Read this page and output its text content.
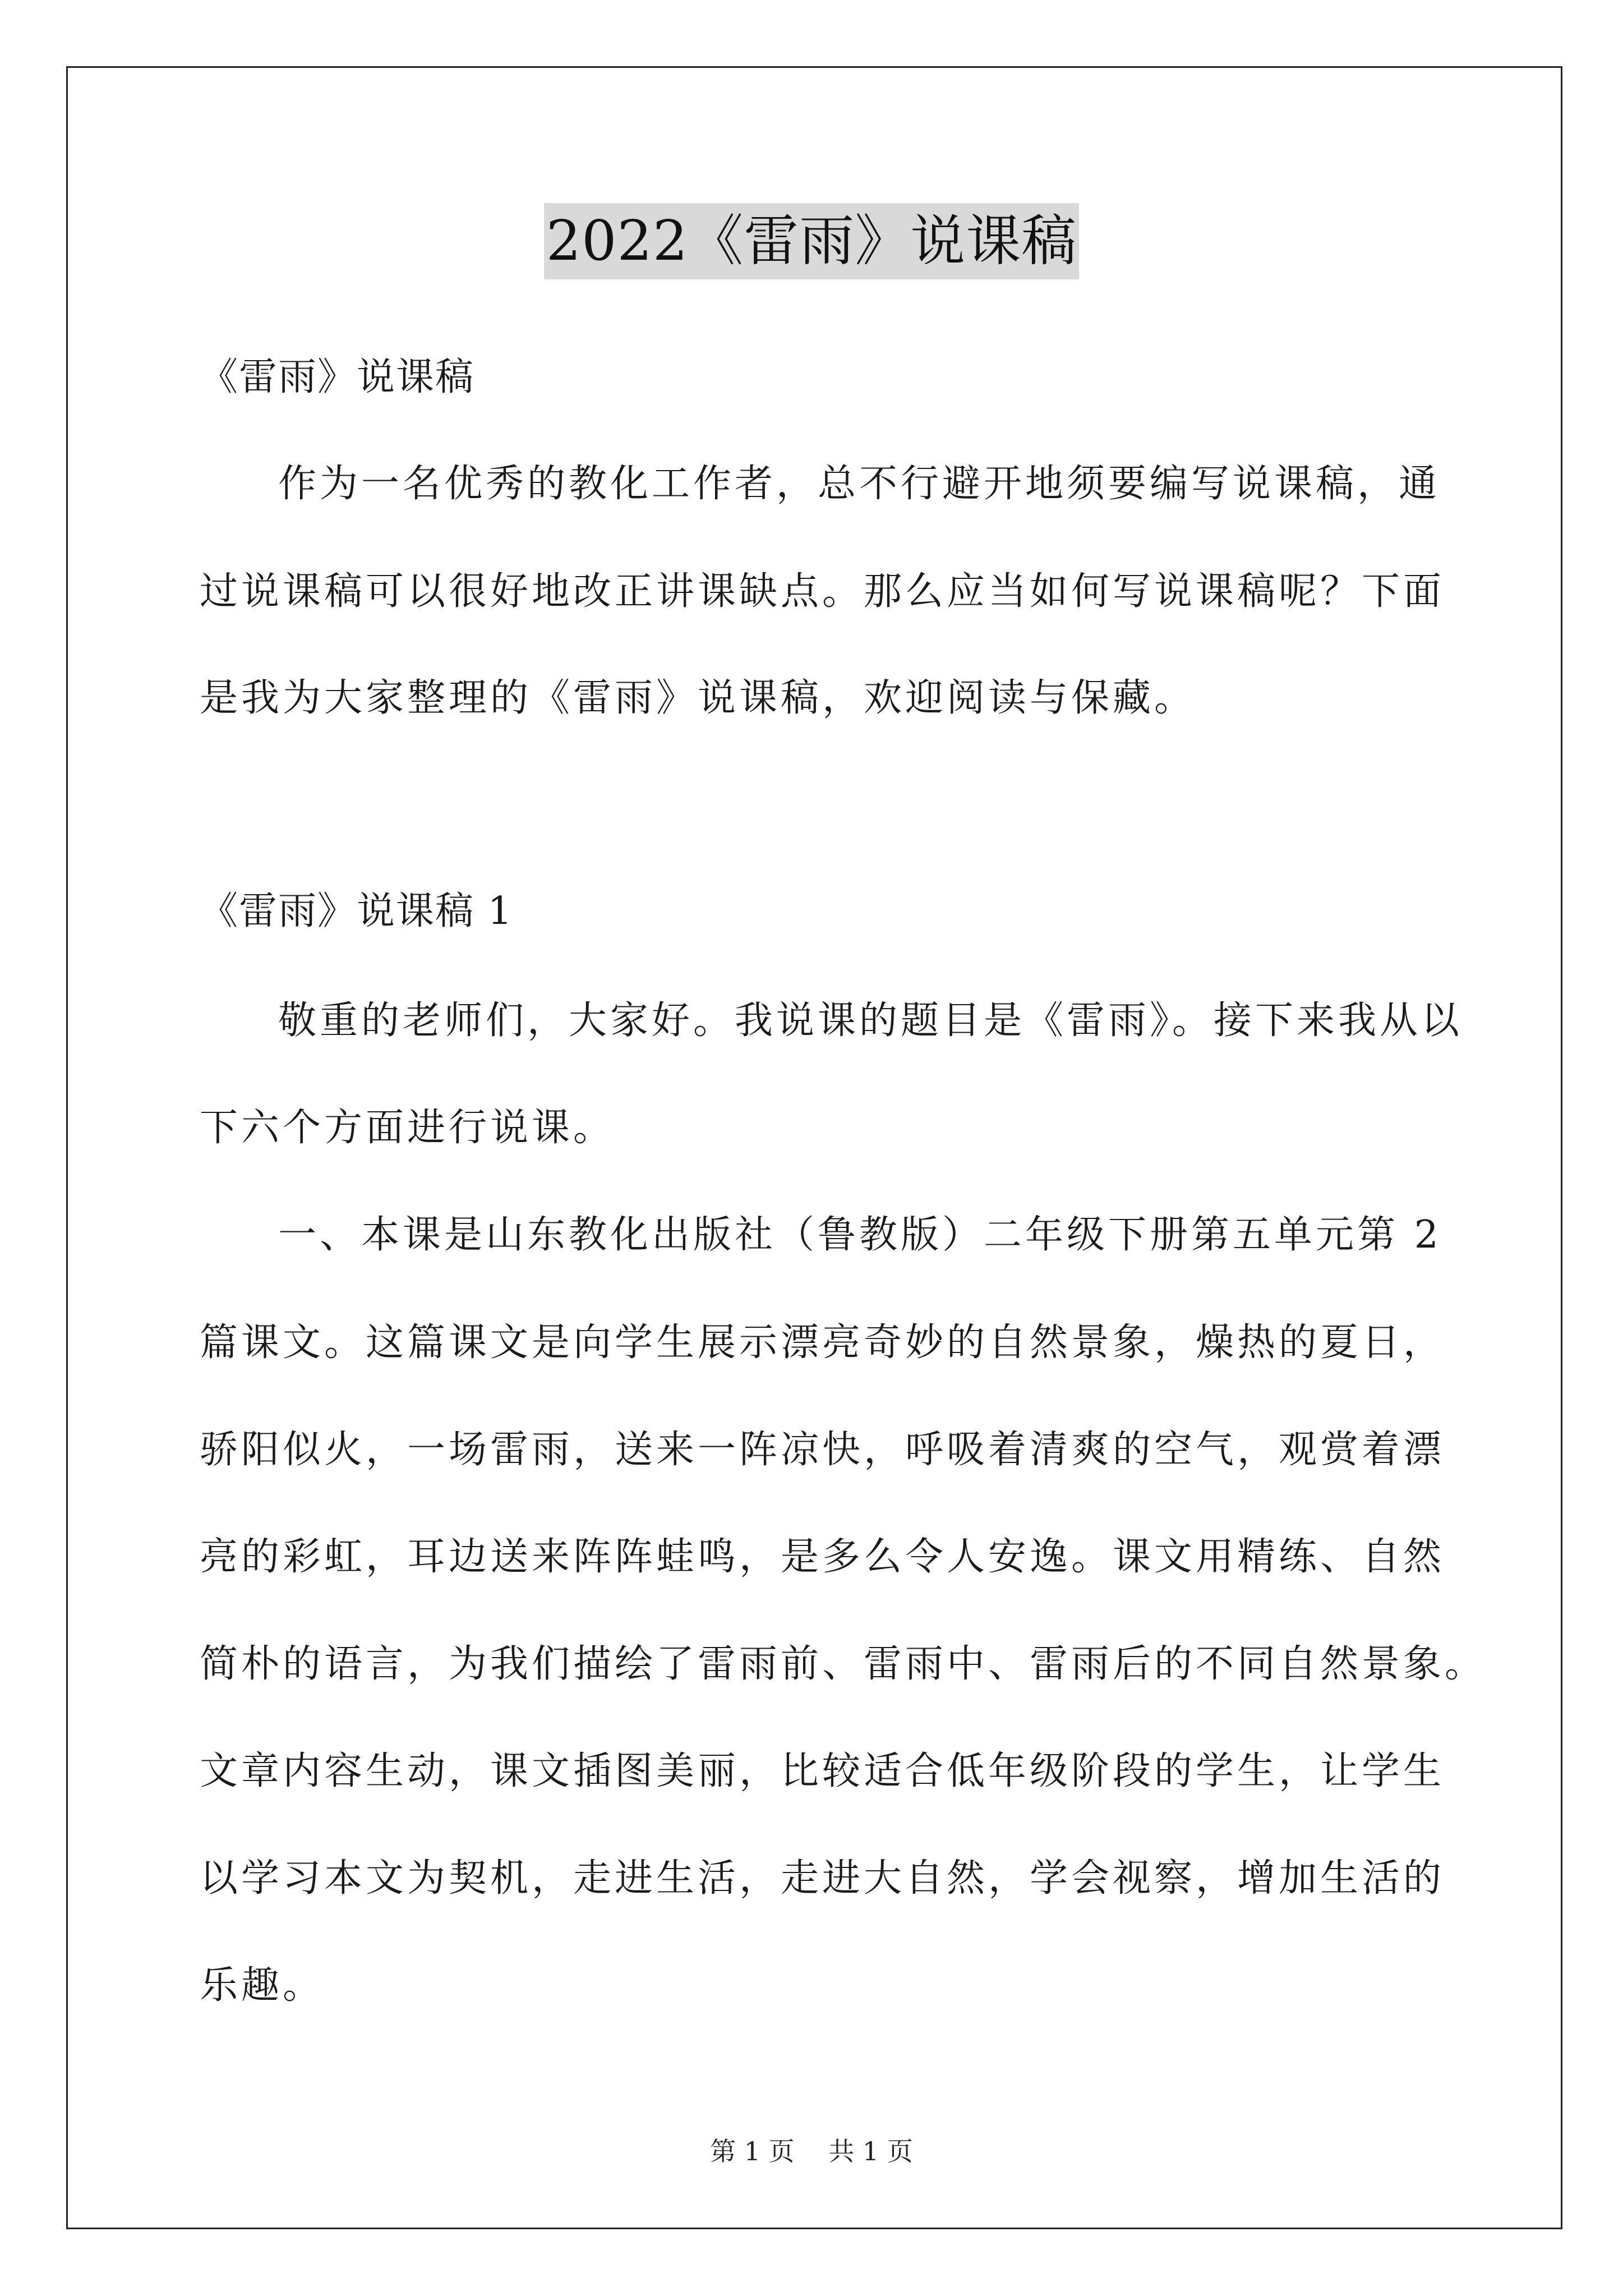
2022《雷雨》说课稿
《雷雨》说课稿
作为一名优秀的教化工作者，总不行避开地须要编写说课稿，通
过说课稿可以很好地改正讲课缺点。那么应当如何写说课稿呢？下面
是我为大家整理的《雷雨》说课稿，欢迎阅读与保藏。
《雷雨》说课稿 1
敬重的老师们，大家好。我说课的题目是《雷雨》。接下来我从以
下六个方面进行说课。
一、本课是山东教化出版社（鲁教版）二年级下册第五单元第 2
篇课文。这篇课文是向学生展示漂亮奇妙的自然景象，燥热的夏日，
骄阳似火，一场雷雨，送来一阵凉快，呼吸着清爽的空气，观赏着漂
亮的彩虹，耳边送来阵阵蛙鸣，是多么令人安逸。课文用精练、自然
简朴的语言，为我们描绘了雷雨前、雷雨中、雷雨后的不同自然景象。
文章内容生动，课文插图美丽，比较适合低年级阶段的学生，让学生
以学习本文为契机，走进生活，走进大自然，学会视察，增加生活的
乐趣。
第 1 页 共 1 页
